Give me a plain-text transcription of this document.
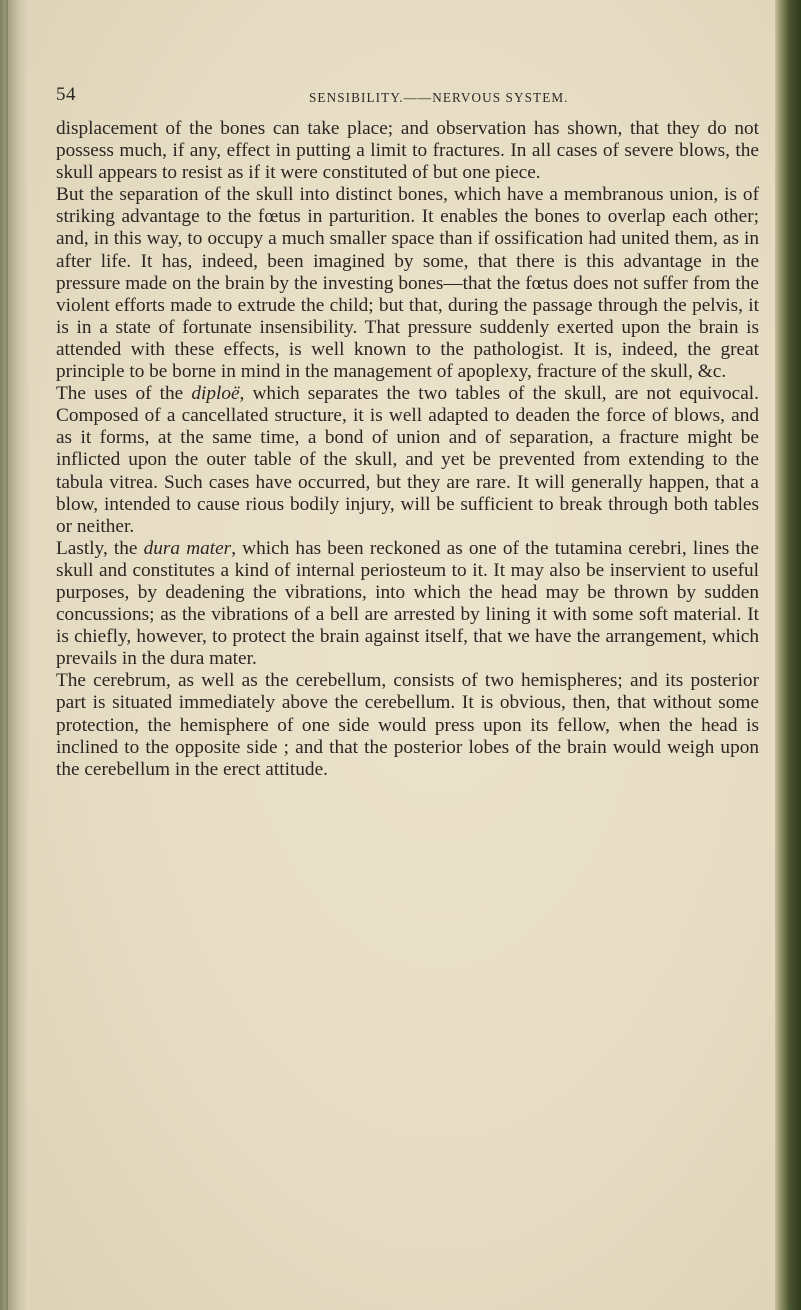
54	SENSIBILITY.——NERVOUS SYSTEM.

displacement of the bones can take place; and observation has shown, that they do not possess much, if any, effect in putting a limit to fractures. In all cases of severe blows, the skull appears to resist as if it were constituted of but one piece.

But the separation of the skull into distinct bones, which have a membranous union, is of striking advantage to the fœtus in parturition. It enables the bones to overlap each other; and, in this way, to occupy a much smaller space than if ossification had united them, as in after life. It has, indeed, been imagined by some, that there is this advantage in the pressure made on the brain by the investing bones—that the fœtus does not suffer from the violent efforts made to extrude the child; but that, during the passage through the pelvis, it is in a state of fortunate insensibility. That pressure suddenly exerted upon the brain is attended with these effects, is well known to the pathologist. It is, indeed, the great principle to be borne in mind in the management of apoplexy, fracture of the skull, &c.

The uses of the diploë, which separates the two tables of the skull, are not equivocal. Composed of a cancellated structure, it is well adapted to deaden the force of blows, and as it forms, at the same time, a bond of union and of separation, a fracture might be inflicted upon the outer table of the skull, and yet be prevented from extending to the tabula vitrea. Such cases have occurred, but they are rare. It will generally happen, that a blow, intended to cause rious bodily injury, will be sufficient to break through both tables or neither.

Lastly, the dura mater, which has been reckoned as one of the tutamina cerebri, lines the skull and constitutes a kind of internal periosteum to it. It may also be inservient to useful purposes, by deadening the vibrations, into which the head may be thrown by sudden concussions; as the vibrations of a bell are arrested by lining it with some soft material. It is chiefly, however, to protect the brain against itself, that we have the arrangement, which prevails in the dura mater.

The cerebrum, as well as the cerebellum, consists of two hemispheres; and its posterior part is situated immediately above the cerebellum. It is obvious, then, that without some protection, the hemisphere of one side would press upon its fellow, when the head is inclined to the opposite side ; and that the posterior lobes of the brain would weigh upon the cerebellum in the erect attitude.
